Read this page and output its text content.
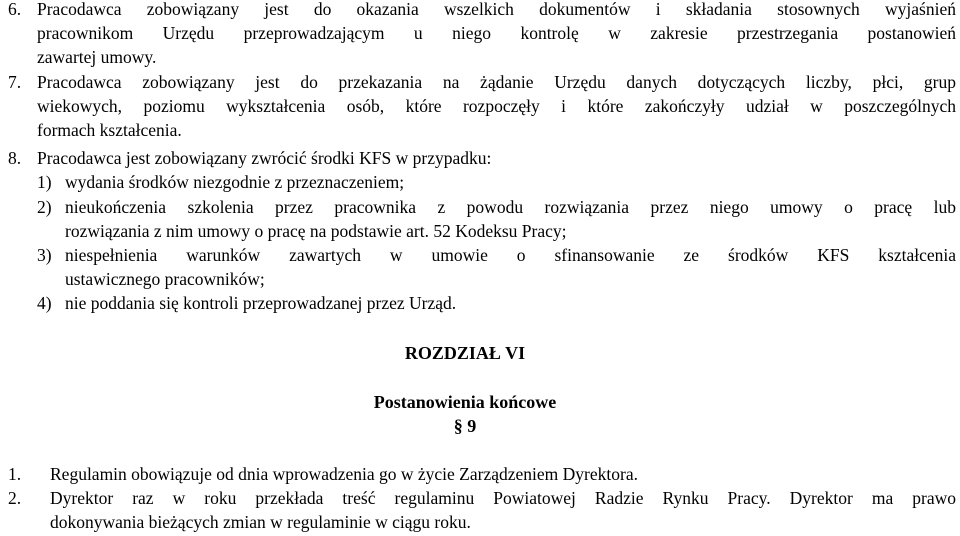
6. Pracodawca zobowiązany jest do okazania wszelkich dokumentów i składania stosownych wyjaśnień
pracownikom Urzędu przeprowadzającym u niego kontrolę w zakresie przestrzegania postanowień
zawartej umowy.
7. Pracodawca zobowiązany jest do przekazania na żądanie Urzędu danych dotyczących liczby, płci, grup
wiekowych, poziomu wykształcenia osób, które rozpoczęły i które zakończyły udział w poszczególnych
formach kształcenia.
8. Pracodawca jest zobowiązany zwrócić środki KFS w przypadku:
1) wydania środków niezgodnie z przeznaczeniem;
2) nieukończenia szkolenia przez pracownika z powodu rozwiązania przez niego umowy o pracę lub
rozwiązania z nim umowy o pracę na podstawie art. 52 Kodeksu Pracy;
3) niespełnienia warunków zawartych w umowie o sfinansowanie ze środków KFS kształcenia
ustawicznego pracowników;
4) nie poddania się kontroli przeprowadzanej przez Urząd.
ROZDZIAŁ VI
Postanowienia końcowe
§ 9
1. Regulamin obowiązuje od dnia wprowadzenia go w życie Zarządzeniem Dyrektora.
2. Dyrektor raz w roku przekłada treść regulaminu Powiatowej Radzie Rynku Pracy. Dyrektor ma prawo
dokonywania bieżących zmian w regulaminie w ciągu roku.
